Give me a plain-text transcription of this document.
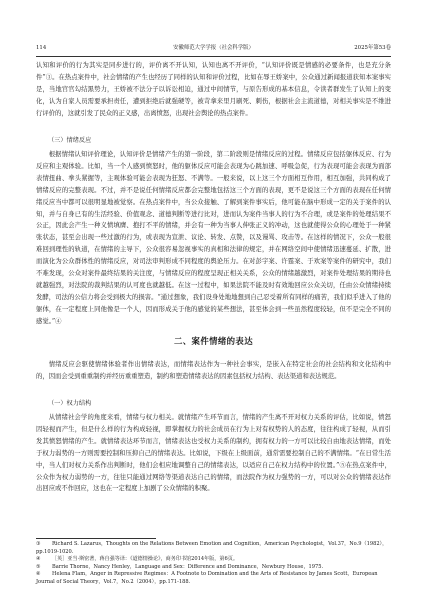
114	安徽师范大学学报（社会科学版）	2025年第53卷

认知和评价的行为其实是同步进行的，评价离不开认知，认知也离不开评价，“认知评价既是情感的必要条件，也是充分条件”③。在热点案件中，社会情绪的产生也经历了同样的认知和评价过程，比如在辱王娇案中，公众通过新闻报道获知本案事实是，当地官官勾结黑势力，王娇被不法分子以诉讼相迫，通过中间情节，与原告形成的基本信息，令读者群发生了认知上的变化，认为自家人员需要承担责任，遭到拒绝后就强硬等，被苛拿来里月刷死、刺伤，根据社会主流道德，对相关事实是不维进行评价的，这就引发了民众的正义感，出离愤怒，出现社会舆论的热点案件。

（三）情绪反应

根据情绪认知评价理论，认知评价是情绪产生的第一阶段，第二阶段则是情绪反应的过程。情绪反应包括躯体反应、行为反应和主观体验。比如，当一个人感到愤怒时，他的躯体反应可能会表现为心跳加速、呼吸急促，行为表现可能会表现为面部表情扭曲、拳头紧握等，主观体验可能会表现为狂怒、不满等。一般来说，以上这三个方面相互作用，相互加强，共同构成了情绪反应的完整表现。不过，并不是说任何情绪反应都会完整地包括这三个方面的表现，更不是说这三个方面的表现在任何情绪反应当中都可以很明显地被觉察。在热点案件中，当公众接触、了解到案件事实后，他可能在脑中形成一定的关于案件的认知，并与自身已有的生活经验、价值观念、道德判断等进行比对，进而认为案件当事人的行为不合理，或是案件的处理结果不公正，因此会产生一种义愤填膺、抱打不平的情绪，并会有一种为当事人伸张正义的冲动，这也就使得公众的心理处于一种紧张状态，甚至会出现一些过激的行为，或表现为宣泄、议论、转发、点赞，以及谩骂、攻击等。在这样的情况下，公众一般很难回到理性的轨道，在情绪的主导下，公众很容易忽视事实的真相和法律的规定，并在网络空间中使情绪迅速蔓延、扩散，进而演化为公众群体性的情绪反应，对司法审判形成不同程度的舆论压力。在对彭宇案、许霆案、于欢案等案件的研究中，我们不难发现，公众对案件最终结果的关注度，与情绪反应的程度呈现正相关关系，公众的情绪越激烈，对案件处理结果的期待也就越强烈，对法院的裁判结果的认可度也就越低。在这一过程中，如果法院不能及时有效地回应公众关切，任由公众情绪持续发酵，司法的公信力将会受到极大的损害。“通过想象，我们设身处地地想到自己忍受着所有同样的痛苦，我们似乎进入了他的躯体，在一定程度上同他像是一个人，因而形成关于他的感觉的某些想法，甚至体会到一些虽然程度较轻，但不是完全不同的感觉。”④

二、案件情绪的表达

情绪反应会驱使情绪体验者作出情绪表达，而情绪表达作为一种社会事实，是嵌入在特定社会的社会结构和文化结构中的，因而会受到重重制约并经历重重塑造，制约和塑造情绪表达的因素包括权力结构、表达渠道和表达规范。

（一）权力结构

从情绪社会学的角度来看，情绪与权力相关。就情绪产生环节而言，情绪的产生离不开对权力关系的评估，比如说，愤怒因轻视而产生，但是什么样的行为构成轻视，即掌握权力的社会成员在行为上对有权势的人的态度，往往构成了轻视，从而引发其愤怒情绪的产生。就情绪表达环节而言，情绪表达也受权力关系的制约，拥有权力的一方可以比较自由地表达情绪，而处于权力弱势的一方则需要控制和压抑自己的情绪表达。比如说，下级在上级面前，通常需要控制自己的不满情绪。“在日常生活中，当人们对权力关系作出判断时，他们会相应地调整自己的情绪表达，以适应自己在权力结构中的位置。”⑤在热点案件中，公众作为权力弱势的一方，往往只能通过网络等渠道表达自己的情绪，而法院作为权力强势的一方，可以对公众的情绪表达作出回应或不作回应，这也在一定程度上加剧了公众情绪的积聚。

③ Richard S. Lazarus，Thoughts on the Relations Between Emotion and Cognition，American Psychologist，Vol.37，No.9（1982），pp.1019-1020.
④ ［英］亚当·斯密著，蒋自强等译：《道德情操论》，商务印书馆2014年版，第6页。
⑤ Barrie Thorne，Nancy Henley，Language and Sex：Difference and Dominance，Newbury House，1975.
⑥ Helena Flam，Anger in Repressive Regimes：A Footnote to Domination and the Arts of Resistance by James Scott，European Journal of Social Theory，Vol.7，No.2（2004），pp.171-188.
